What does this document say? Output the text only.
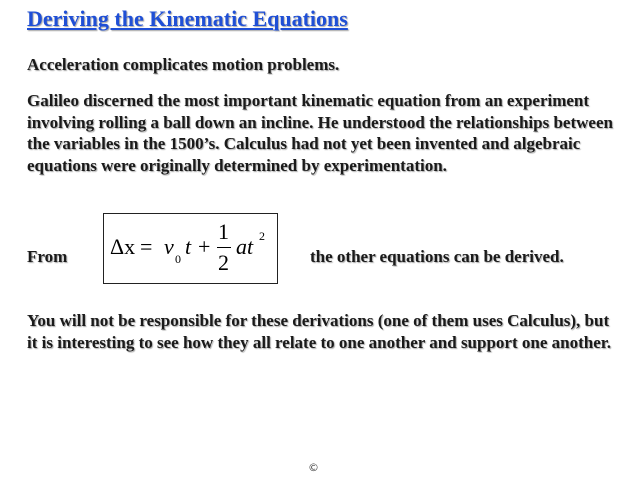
Deriving the Kinematic Equations
Acceleration complicates motion problems.
Galileo discerned the most important kinematic equation from an experiment involving rolling a ball down an incline. He understood the relationships between the variables in the 1500’s. Calculus had not yet been invented and algebraic equations were originally determined by experimentation.
From Δx = v 0 t +
1
2
at 2
the other equations can be derived.
You will not be responsible for these derivations (one of them uses Calculus), but it is interesting to see how they all relate to one another and support one another.
©
